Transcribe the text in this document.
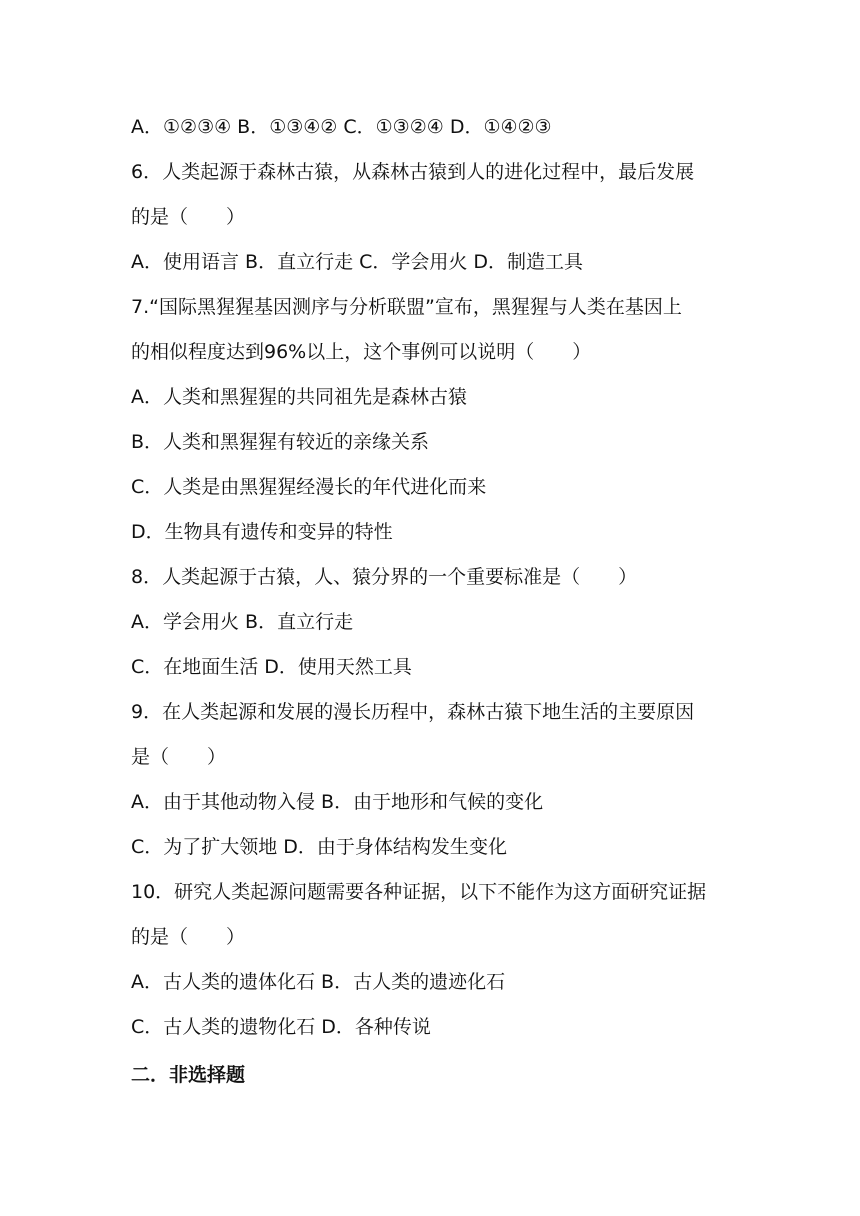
A．①②③④ B．①③④② C．①③②④ D．①④②③
6．人类起源于森林古猿，从森林古猿到人的进化过程中，最后发展
的是（　　）
A．使用语言 B．直立行走 C．学会用火 D．制造工具
7.“国际黑猩猩基因测序与分析联盟”宣布，黑猩猩与人类在基因上
的相似程度达到96%以上，这个事例可以说明（　　）
A．人类和黑猩猩的共同祖先是森林古猿
B．人类和黑猩猩有较近的亲缘关系
C．人类是由黑猩猩经漫长的年代进化而来
D．生物具有遗传和变异的特性
8．人类起源于古猿，人、猿分界的一个重要标准是（　　）
A．学会用火 B．直立行走
C．在地面生活 D．使用天然工具
9．在人类起源和发展的漫长历程中，森林古猿下地生活的主要原因
是（　　）
A．由于其他动物入侵 B．由于地形和气候的变化
C．为了扩大领地 D．由于身体结构发生变化
10．研究人类起源问题需要各种证据，以下不能作为这方面研究证据
的是（　　）
A．古人类的遗体化石 B．古人类的遗迹化石
C．古人类的遗物化石 D．各种传说
二．非选择题
